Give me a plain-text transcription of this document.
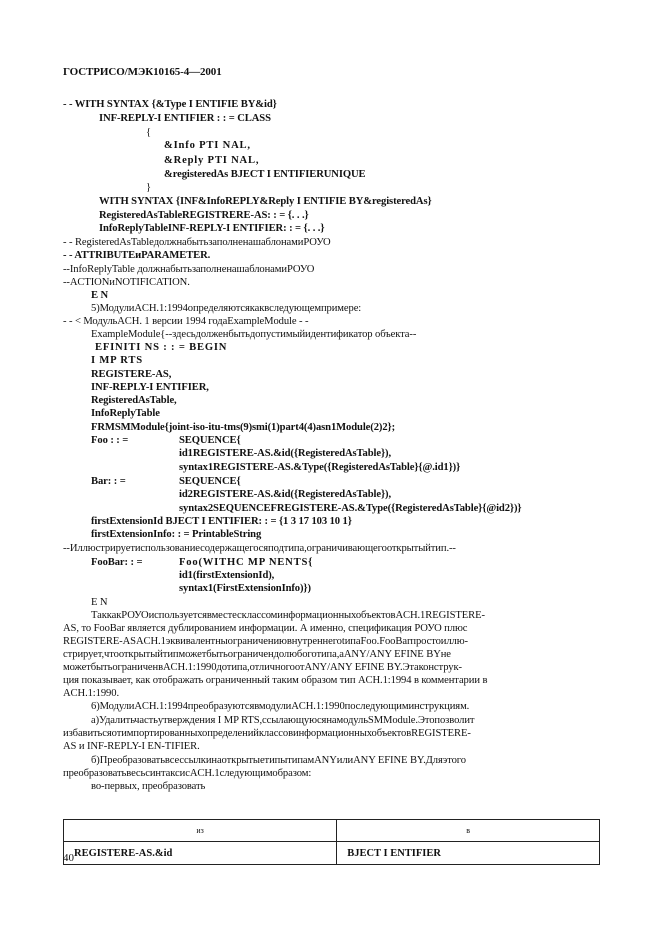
ГОСТРИСО/МЭК10165-4—2001
- - WITH SYNTAX {&Type I ENTIFIE BY&id}
INF-REPLY-I ENTIFIER : : = CLASS
{
&Info PTI NAL,
&Reply PTI NAL,
&registeredAs BJECT I ENTIFIERUNIQUE
}
WITH SYNTAX {INF&InfoREPLY&Reply I ENTIFIE BY&registeredAs}
RegisteredAsTableREGISTRERE-AS: : = {. . .}
InfoReplyTableINF-REPLY-I ENTIFIER: : = {. . .}
- - RegisteredAsTableдолжнабытьзаполненашаблонамиРОУО
- - ATTRIBUTEиPARAMETER.
--InfoReplyTable должнабытьзаполненашаблонамиРОУО
--ACTIONиNOTIFICATION.
E N
5)МодулиACH.1:1994определяютсякаквследующемпримере:
- - < МодульACH. 1 версии 1994 годаExampleModule - -
ExampleModule{--здесьдолженбытьдопустимыйидентификатор объекта--
EFINITI NS : : = BEGIN
I MP RTS
REGISTERE-AS,
INF-REPLY-I ENTIFIER,
RegisteredAsTable,
InfoReplyTable
FRMSMModule{joint-iso-itu-tms(9)smi(1)part4(4)asn1Module(2)2};
Foo : : =	SEQUENCE{
id1REGISTERE-AS.&id({RegisteredAsTable}),
syntax1REGISTERE-AS.&Type({RegisteredAsTable}{@.id1})}
Bar: : =	SEQUENCE{
id2REGISTERE-AS.&id({RegisteredAsTable}),
syntax2SEQUENCEFREGISTERE-AS.&Type({RegisteredAsTable}{@id2})}
firstExtensionId BJECT I ENTIFIER: : = {1 3 17 103 10 1}
firstExtensionInfo: : = PrintableString
--Иллюстрируетиспользованиесодержащегосяподтипа,ограничивающегооткрытыйтип.--
FooBar: : =	Foo(WITHC MP NENTS{
id1(firstExtensionId),
syntax1(FirstExtensionInfo)})
E N
ТаккакРОУОиспользуетсявместесклассоминформационныхобъектовACH.1REGISTERE-
AS, то FooBar является дублированием информации. А именно, спецификация РОУО плюс
REGISTERE-ASACH.1эквивалентныограничениювнутреннегоtипаFoo.FooBarпростоиллю-
стрирует,чтооткрытыйтипможетбытьограничендолюбоготипа,аANY/ANY EFINE BYне
можетбытьограниченвACH.1:1990дотипа,отличногоотANY/ANY EFINE BY.Этаконструк-
ция показывает, как отображать ограниченный таким образом тип ACH.1:1994 в комментарии в
ACH.1:1990.
6)МодулиACH.1:1994преобразуютсявмодулиACH.1:1990последующиминструкциям.
а)Удалитьчастьутверждения I MP RTS,ссылающуюсянамодульSMModule.Этопозволит
избавитьсяотимпортированныхопределенийклассовинформационныхобъектовREGISTERE-
AS и INF-REPLY-I EN-TIFIER.
б)ПреобразоватьвсессылкинаоткрытыетипытипамANYилиANY EFINE BY.Дляэтого
преобразоватьвесьсинтаксисACH.1следующимобразом:
во-первых, преобразовать
из	в
REGISTERE-AS.&id	BJECT I ENTIFIER
40
